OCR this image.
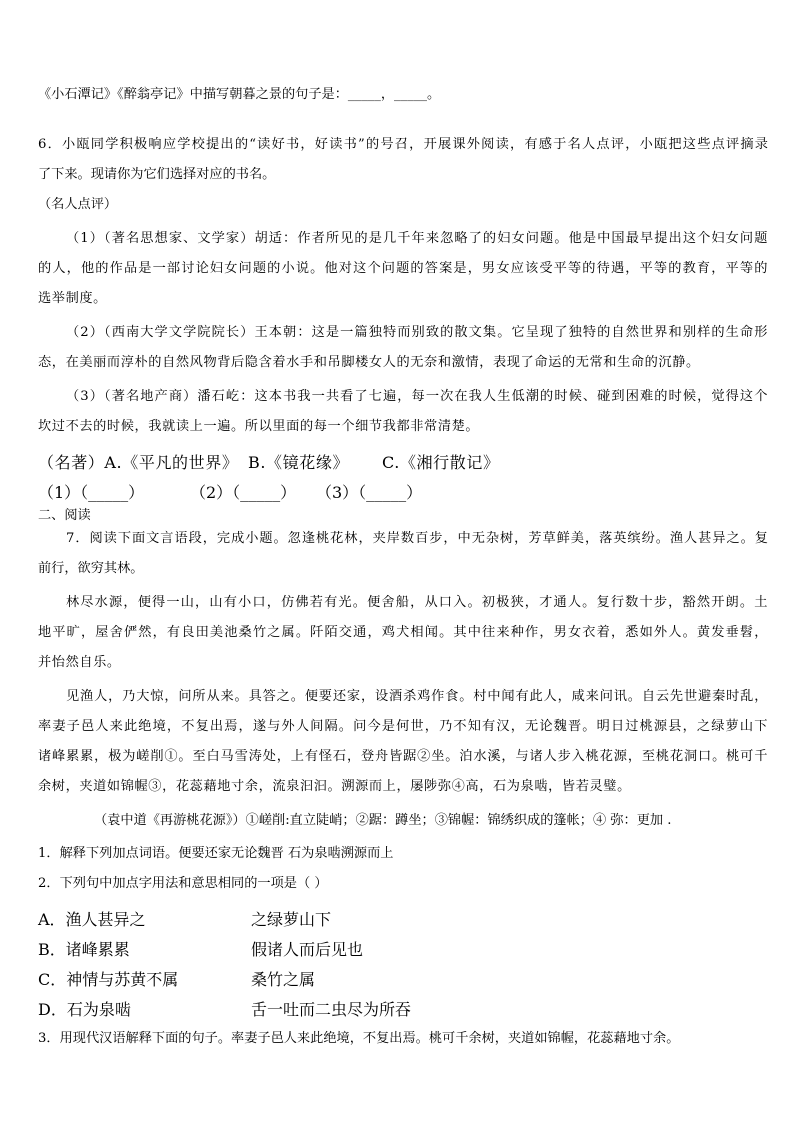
《小石潭记》《醉翁亭记》中描写朝暮之景的句子是：_____，_____。
6．小瓯同学积极响应学校提出的“读好书，好读书”的号召，开展课外阅读，有感于名人点评，小瓯把这些点评摘录
了下来。现请你为它们选择对应的书名。
（名人点评）
（1）（著名思想家、文学家）胡适：作者所见的是几千年来忽略了的妇女问题。他是中国最早提出这个妇女问题
的人，他的作品是一部讨论妇女问题的小说。他对这个问题的答案是，男女应该受平等的待遇，平等的教育，平等的
选举制度。
（2）（西南大学文学院院长）王本朝：这是一篇独特而别致的散文集。它呈现了独特的自然世界和别样的生命形
态，在美丽而淳朴的自然风物背后隐含着水手和吊脚楼女人的无奈和激情，表现了命运的无常和生命的沉静。
（3）（著名地产商）潘石屹：这本书我一共看了七遍，每一次在我人生低潮的时候、碰到困难的时候，觉得这个
坎过不去的时候，我就读上一遍。所以里面的每一个细节我都非常清楚。
（名著）A.《平凡的世界》 B.《镜花缘》 C.《湘行散记》
（1）（_____）	（2）（_____） （3）（_____）
二、阅读
7．阅读下面文言语段，完成小题。忽逢桃花林，夹岸数百步，中无杂树，芳草鲜美，落英缤纷。渔人甚异之。复
前行，欲穷其林。
林尽水源，便得一山，山有小口，仿佛若有光。便舍船，从口入。初极狭，才通人。复行数十步，豁然开朗。土
地平旷，屋舍俨然，有良田美池桑竹之属。阡陌交通，鸡犬相闻。其中往来种作，男女衣着，悉如外人。黄发垂髫，
并怡然自乐。
见渔人，乃大惊，问所从来。具答之。便要还家，设酒杀鸡作食。村中闻有此人，咸来问讯。自云先世避秦时乱，
率妻子邑人来此绝境，不复出焉，遂与外人间隔。问今是何世，乃不知有汉，无论魏晋。明日过桃源县，之绿萝山下
诸峰累累，极为嵯削①。至白马雪涛处，上有怪石，登舟皆踞②坐。泊水溪，与诸人步入桃花源，至桃花洞口。桃可千
余树，夹道如锦幄③，花蕊藉地寸余，流泉汩汩。溯源而上，屡陟弥④高，石为泉啮，皆若灵璧。
（袁中道《再游桃花源》）①嵯削:直立陡峭；②踞：蹲坐；③锦幄：锦绣织成的篷帐；④ 弥：更加 .
1．解释下列加点词语。便要还家无论魏晋 石为泉啮溯源而上
2．下列句中加点字用法和意思相同的一项是（ ）
A．渔人甚异之	之绿萝山下
B．诸峰累累	假诸人而后见也
C．神情与苏黄不属	桑竹之属
D．石为泉啮	舌一吐而二虫尽为所吞
3．用现代汉语解释下面的句子。率妻子邑人来此绝境，不复出焉。桃可千余树，夹道如锦幄，花蕊藉地寸余。
